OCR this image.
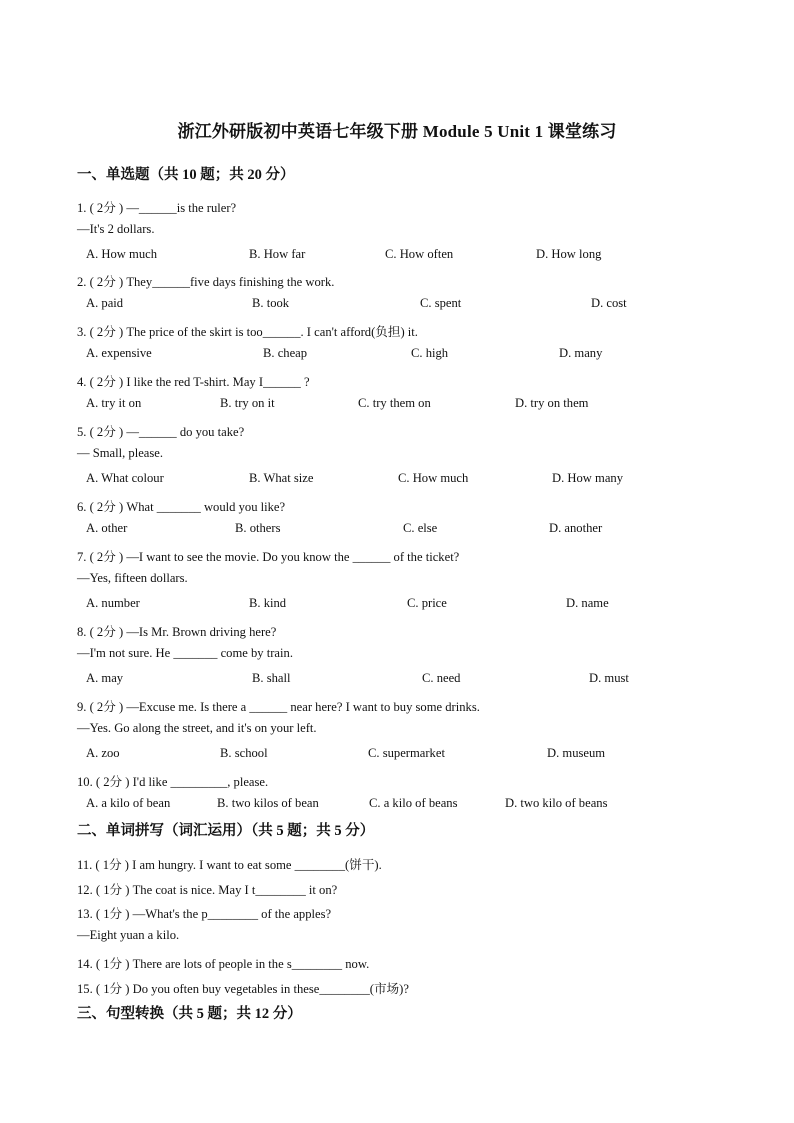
浙江外研版初中英语七年级下册 Module 5 Unit 1 课堂练习
一、单选题（共 10 题；共 20 分）
1. ( 2分 ) —______is the ruler?
—It's 2 dollars.
A. How much	B. How far	C. How often	D. How long
2. ( 2分 ) They______five days finishing the work.
A. paid	B. took	C. spent	D. cost
3. ( 2分 ) The price of the skirt is too______. I can't afford(负担) it.
A. expensive	B. cheap	C. high	D. many
4. ( 2分 ) I like the red T-shirt. May I______ ?
A. try it on	B. try on it	C. try them on	D. try on them
5. ( 2分 ) —______ do you take?
— Small, please.
A. What colour	B. What size	C. How much	D. How many
6. ( 2分 ) What _______ would you like?
A. other	B. others	C. else	D. another
7. ( 2分 ) —I want to see the movie. Do you know the ______ of the ticket?
—Yes, fifteen dollars.
A. number	B. kind	C. price	D. name
8. ( 2分 ) —Is Mr. Brown driving here?
—I'm not sure. He _______ come by train.
A. may	B. shall	C. need	D. must
9. ( 2分 ) —Excuse me. Is there a ______ near here? I want to buy some drinks.
—Yes. Go along the street, and it's on your left.
A. zoo	B. school	C. supermarket	D. museum
10. ( 2分 ) I'd like _________, please.
A. a kilo of bean	B. two kilos of bean	C. a kilo of beans	D. two kilo of beans
二、单词拼写（词汇运用）（共 5 题；共 5 分）
11. ( 1分 ) I am hungry. I want to eat some ________(饼干).
12. ( 1分 ) The coat is nice. May I t________ it on?
13. ( 1分 ) —What's the p________ of the apples?
—Eight yuan a kilo.
14. ( 1分 ) There are lots of people in the s________ now.
15. ( 1分 ) Do you often buy vegetables in these________(市场)?
三、句型转换（共 5 题；共 12 分）
